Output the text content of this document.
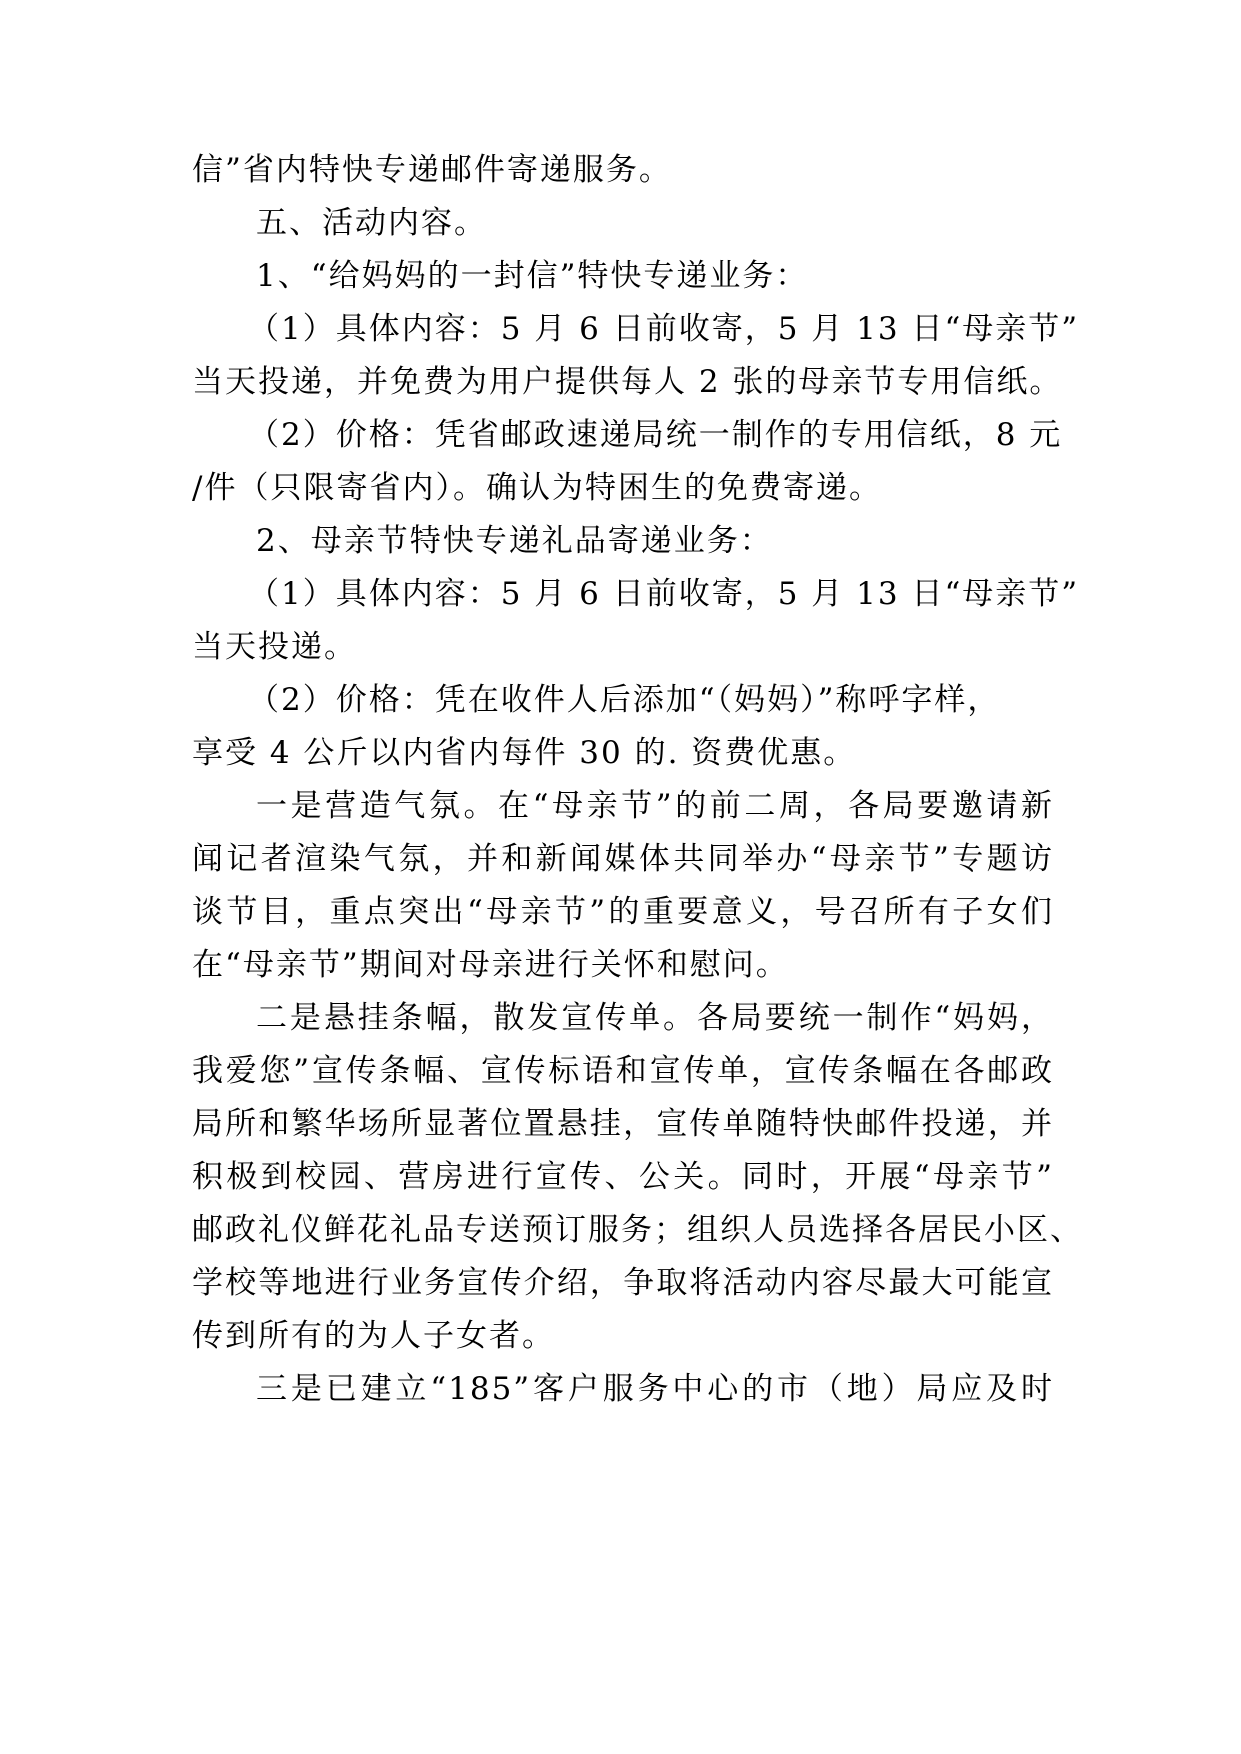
信”省内特快专递邮件寄递服务。
五、活动内容。
1、“给妈妈的一封信”特快专递业务：
（1）具体内容：5 月 6 日前收寄，5 月 13 日“母亲节”
当天投递，并免费为用户提供每人 2 张的母亲节专用信纸。
（2）价格：凭省邮政速递局统一制作的专用信纸，8 元
/件（只限寄省内）。确认为特困生的免费寄递。
2、母亲节特快专递礼品寄递业务：
（1）具体内容：5 月 6 日前收寄，5 月 13 日“母亲节”
当天投递。
（2）价格：凭在收件人后添加“（妈妈）”称呼字样，
享受 4 公斤以内省内每件 30 的. 资费优惠。
一是营造气氛。在“母亲节”的前二周，各局要邀请新
闻记者渲染气氛，并和新闻媒体共同举办“母亲节”专题访
谈节目，重点突出“母亲节”的重要意义，号召所有子女们
在“母亲节”期间对母亲进行关怀和慰问。
二是悬挂条幅，散发宣传单。各局要统一制作“妈妈，
我爱您”宣传条幅、宣传标语和宣传单，宣传条幅在各邮政
局所和繁华场所显著位置悬挂，宣传单随特快邮件投递，并
积极到校园、营房进行宣传、公关。同时，开展“母亲节”
邮政礼仪鲜花礼品专送预订服务；组织人员选择各居民小区、
学校等地进行业务宣传介绍，争取将活动内容尽最大可能宣
传到所有的为人子女者。
三是已建立“185”客户服务中心的市（地）局应及时
